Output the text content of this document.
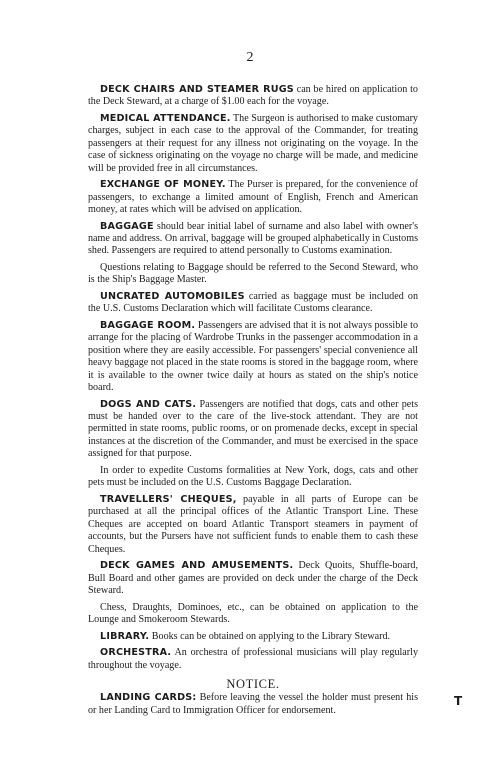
2

DECK CHAIRS AND STEAMER RUGS can be hired on application to the Deck Steward, at a charge of $1.00 each for the voyage.

MEDICAL ATTENDANCE. The Surgeon is authorised to make customary charges, subject in each case to the approval of the Commander, for treating passengers at their request for any illness not originating on the voyage. In the case of sickness originating on the voyage no charge will be made, and medicine will be provided free in all circumstances.

EXCHANGE OF MONEY. The Purser is prepared, for the convenience of passengers, to exchange a limited amount of English, French and American money, at rates which will be advised on application.

BAGGAGE should bear initial label of surname and also label with owner's name and address. On arrival, baggage will be grouped alphabetically in Customs shed. Passengers are required to attend personally to Customs examination.

Questions relating to Baggage should be referred to the Second Steward, who is the Ship's Baggage Master.

UNCRATED AUTOMOBILES carried as baggage must be included on the U.S. Customs Declaration which will facilitate Customs clearance.

BAGGAGE ROOM. Passengers are advised that it is not always possible to arrange for the placing of Wardrobe Trunks in the passenger accommodation in a position where they are easily accessible. For passengers' special convenience all heavy baggage not placed in the state rooms is stored in the baggage room, where it is available to the owner twice daily at hours as stated on the ship's notice board.

DOGS AND CATS. Passengers are notified that dogs, cats and other pets must be handed over to the care of the live-stock attendant. They are not permitted in state rooms, public rooms, or on promenade decks, except in special instances at the discretion of the Commander, and must be exercised in the space assigned for that purpose.

In order to expedite Customs formalities at New York, dogs, cats and other pets must be included on the U.S. Customs Baggage Declaration.

TRAVELLERS' CHEQUES, payable in all parts of Europe can be purchased at all the principal offices of the Atlantic Transport Line. These Cheques are accepted on board Atlantic Transport steamers in payment of accounts, but the Pursers have not sufficient funds to enable them to cash these Cheques.

DECK GAMES AND AMUSEMENTS. Deck Quoits, Shuffle-board, Bull Board and other games are provided on deck under the charge of the Deck Steward.

Chess, Draughts, Dominoes, etc., can be obtained on application to the Lounge and Smokeroom Stewards.

LIBRARY. Books can be obtained on applying to the Library Steward.

ORCHESTRA. An orchestra of professional musicians will play regularly throughout the voyage.

NOTICE.

LANDING CARDS: Before leaving the vessel the holder must present his or her Landing Card to Immigration Officer for endorsement.

T
